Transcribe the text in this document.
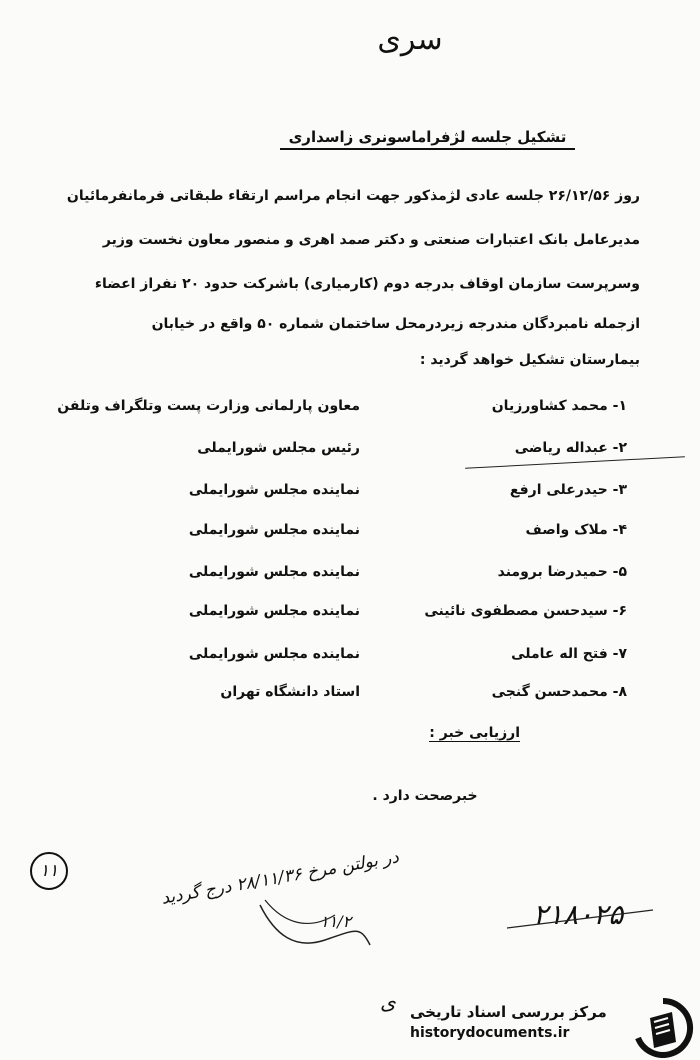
سری
تشکیل جلسه لژفراماسونری زاسداری
روز ۲۶/۱۲/۵۶ جلسه عادی لژمذکور جهت انجام مراسم ارتقاء طبقاتی فرمانفرمائیان
مدیرعامل بانک اعتبارات صنعتی و دکتر صمد اهری و منصور معاون نخست وزیر
وسرپرست سازمان اوقاف بدرجه دوم (کارمیاری) باشرکت حدود ۲۰ نفراز اعضاء
ازجمله نامبردگان مندرجه زیردرمحل ساختمان شماره ۵۰ واقع در خیابان
بیمارستان تشکیل خواهد گردید :
۱- محمد کشاورزیان
معاون پارلمانی وزارت پست وتلگراف وتلفن
۲- عبداله ریاضی
رئیس مجلس شورایملی
۳- حیدرعلی ارفع
نماینده مجلس شورایملی
۴- ملاک واصف
نماینده مجلس شورایملی
۵- حمیدرضا برومند
نماینده مجلس شورایملی
۶- سیدحسن مصطفوی نائینی
نماینده مجلس شورایملی
۷- فتح اله عاملی
نماینده مجلس شورایملی
۸- محمدحسن گنجی
استاد دانشگاه تهران
ارزیابی خبر :
خبرصحت دارد .
۱۱
در بولتن مرخ ۲۸/۱۱/۳۶ درج گردید
۱۱/۲	۲۱۸۰۲۵
ی مرکز بررسی اسناد تاریخی
historydocuments.ir
